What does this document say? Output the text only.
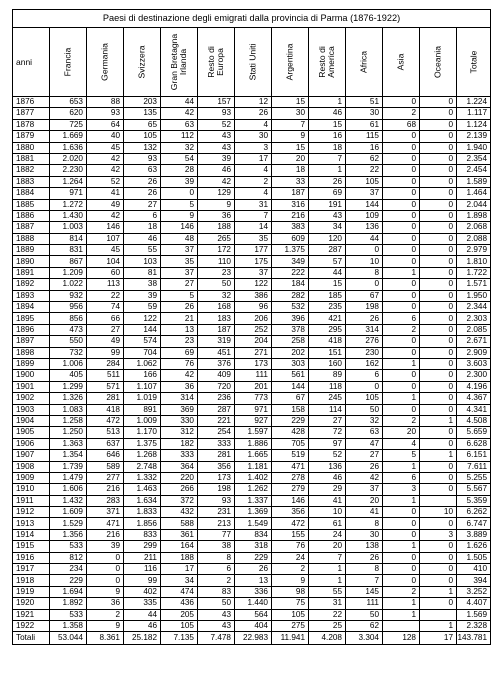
Paesi di destinazione degli emigrati dalla provincia di Parma (1876-1922)												
anni	Francia	Germania	Svizzera	Gran Bretagna
Irlanda	Resto di
Europa	Stati Uniti	Argentina	Resto di
America	Africa	Asia	Oceania	Totale

1876	653	88	203	44	157	12	15	1	51	0	0	1.224
1877	620	93	135	42	93	26	30	46	30	2	0	1.117
1878	725	64	65	63	52	4	7	15	61	68	0	1.124
1879	1.669	40	105	112	43	30	9	16	115	0	0	2.139
1880	1.636	45	132	32	43	3	15	18	16	0	0	1.940
1881	2.020	42	93	54	39	17	20	7	62	0	0	2.354
1882	2.230	42	63	28	46	4	18	1	22	0	0	2.454
1883	1.264	52	26	39	42	2	33	26	105	0	0	1.589
1884	971	41	26	0	129	4	187	69	37	0	0	1.464
1885	1.272	49	27	5	9	31	316	191	144	0	0	2.044
1886	1.430	42	6	9	36	7	216	43	109	0	0	1.898
1887	1.003	146	18	146	188	14	383	34	136	0	0	2.068
1888	814	107	46	48	265	35	609	120	44	0	0	2.088
1889	831	45	55	37	172	177	1.375	287	0	0	0	2.979
1890	867	104	103	35	110	175	349	57	10	0	0	1.810
1891	1.209	60	81	37	23	37	222	44	8	1	0	1.722
1892	1.022	113	38	27	50	122	184	15	0	0	0	1.571
1893	932	22	39	5	32	386	282	185	67	0	0	1.950
1894	956	74	59	26	168	96	532	235	198	0	0	2.344
1895	856	66	122	21	183	206	396	421	26	6	0	2.303
1896	473	27	144	13	187	252	378	295	314	2	0	2.085
1897	550	49	574	23	319	204	258	418	276	0	0	2.671
1898	732	99	704	69	451	271	202	151	230	0	0	2.909
1899	1.006	284	1.062	76	376	173	303	160	162	1	0	3.603
1900	405	511	166	42	409	111	561	89	6	0	0	2.300
1901	1.299	571	1.107	36	720	201	144	118	0	0	0	4.196
1902	1.326	281	1.019	314	236	773	67	245	105	1	0	4.367
1903	1.083	418	891	369	287	971	158	114	50	0	0	4.341
1904	1.258	472	1.009	330	221	927	229	27	32	2	1	4.508
1905	1.250	513	1.170	312	254	1.597	428	72	63	20	0	5.659
1906	1.363	637	1.375	182	333	1.886	705	97	47	4	0	6.628
1907	1.354	646	1.268	333	281	1.665	519	52	27	5	1	6.151
1908	1.739	589	2.748	364	356	1.181	471	136	26	1	0	7.611
1909	1.479	277	1.332	220	173	1.402	278	46	42	6	0	5.255
1910	1.606	216	1.463	266	198	1.262	279	29	37	3	0	5.567
1911	1.432	283	1.634	372	93	1.337	146	41	20	1		5.359
1912	1.609	371	1.833	432	231	1.369	356	10	41	0	10	6.262
1913	1.529	471	1.856	588	213	1.549	472	61	8	0	0	6.747
1914	1.356	216	833	361	77	834	155	24	30	0	3	3.889
1915	533	39	299	164	38	318	76	20	138	1	0	1.626
1916	812	0	211	188	8	229	24	7	26	0	0	1.505
1917	234	0	116	17	6	26	2	1	8	0	0	410
1918	229	0	99	34	2	13	9	1	7	0	0	394
1919	1.694	9	402	474	83	336	98	55	145	2	1	3.252
1920	1.892	36	335	436	50	1.440	75	31	111	1	0	4.407
1921	533	2	44	205	43	564	105	22	50	1		1.569
1922	1.358	9	46	105	43	404	275	25	62		1	2.328
Totali	53.044	8.361	25.182	7.135	7.478	22.983	11.941	4.208	3.304	128	17	143.781
